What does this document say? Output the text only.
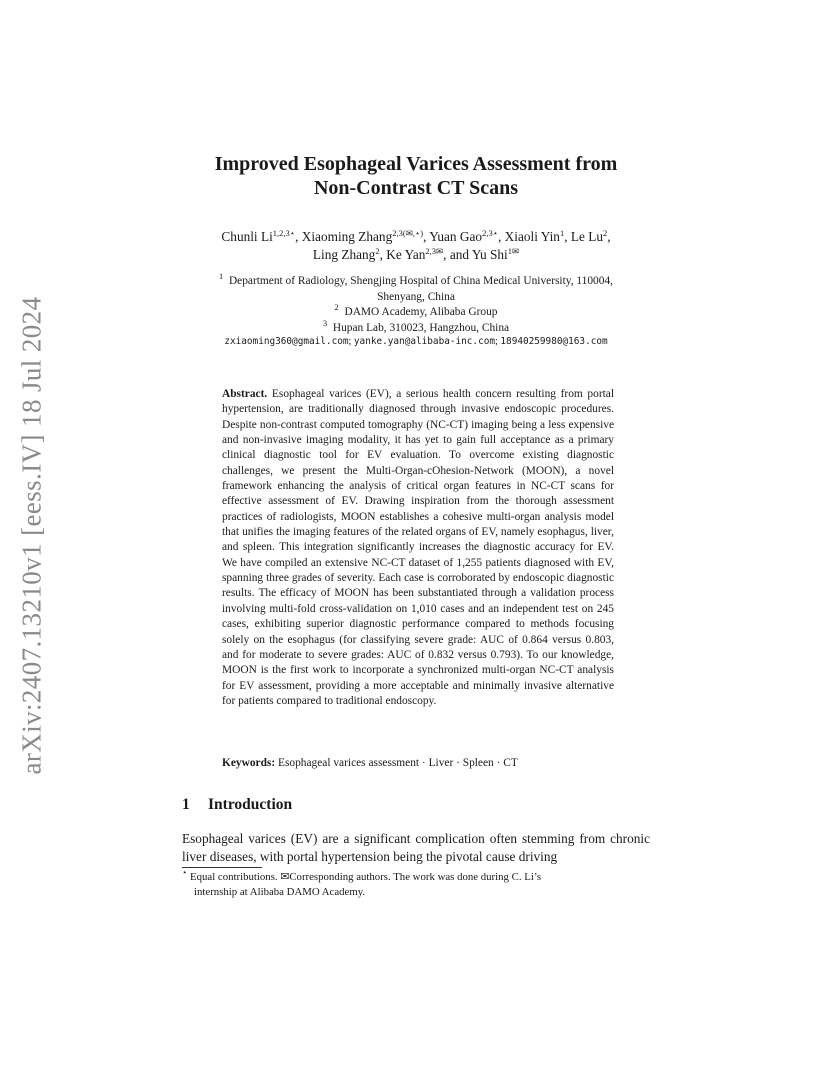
arXiv:2407.13210v1 [eess.IV] 18 Jul 2024
Improved Esophageal Varices Assessment from
Non-Contrast CT Scans
Chunli $Li^{1,2,3⋆}$, Xiaoming Zhang$^{2,3(✉,⋆)}$, Yuan Gao$^{2,3⋆}$, Xiaoli Yin$^1$, Le Lu$^2$,
Ling Zhang$^2$, Ke Yan$^{2,3✉}$, and Yu Shi$^{1✉}$
$^1$ Department of Radiology, Shengjing Hospital of China Medical University, 110004,
Shenyang, China
$^2$ DAMO Academy, Alibaba Group
$^3$ Hupan Lab, 310023, Hangzhou, China
zxiaoming360@gmail.com; yanke.yan@alibaba-inc.com; 18940259980@163.com

Abstract. Esophageal varices (EV), a serious health concern resulting from portal hypertension, are traditionally diagnosed through invasive endoscopic procedures. Despite non-contrast computed tomography (NC-CT) imaging being a less expensive and non-invasive imaging modality, it has yet to gain full acceptance as a primary clinical diagnostic tool for EV evaluation. To overcome existing diagnostic challenges, we present the Multi-Organ-cOhesion-Network (MOON), a novel framework enhancing the analysis of critical organ features in NC-CT scans for effective assessment of EV. Drawing inspiration from the thorough assessment practices of radiologists, MOON establishes a cohesive multi-organ analysis model that unifies the imaging features of the related organs of EV, namely esophagus, liver, and spleen. This integration significantly increases the diagnostic accuracy for EV. We have compiled an extensive NC-CT dataset of 1,255 patients diagnosed with EV, spanning three grades of severity. Each case is corroborated by endoscopic diagnostic results. The efficacy of MOON has been substantiated through a validation process involving multi-fold cross-validation on 1,010 cases and an independent test on 245 cases, exhibiting superior diagnostic performance compared to methods focusing solely on the esophagus (for classifying severe grade: AUC of 0.864 versus 0.803, and for moderate to severe grades: AUC of 0.832 versus 0.793). To our knowledge, MOON is the first work to incorporate a synchronized multi-organ NC-CT analysis for EV assessment, providing a more acceptable and minimally invasive alternative for patients compared to traditional endoscopy.

Keywords: Esophageal varices assessment · Liver · Spleen · CT
1 Introduction

Esophageal varices (EV) are a significant complication often stemming from chronic liver diseases, with portal hypertension being the pivotal cause driving

⋆ Equal contributions. ✉Corresponding authors. The work was done during C. Li’s
internship at Alibaba DAMO Academy.
